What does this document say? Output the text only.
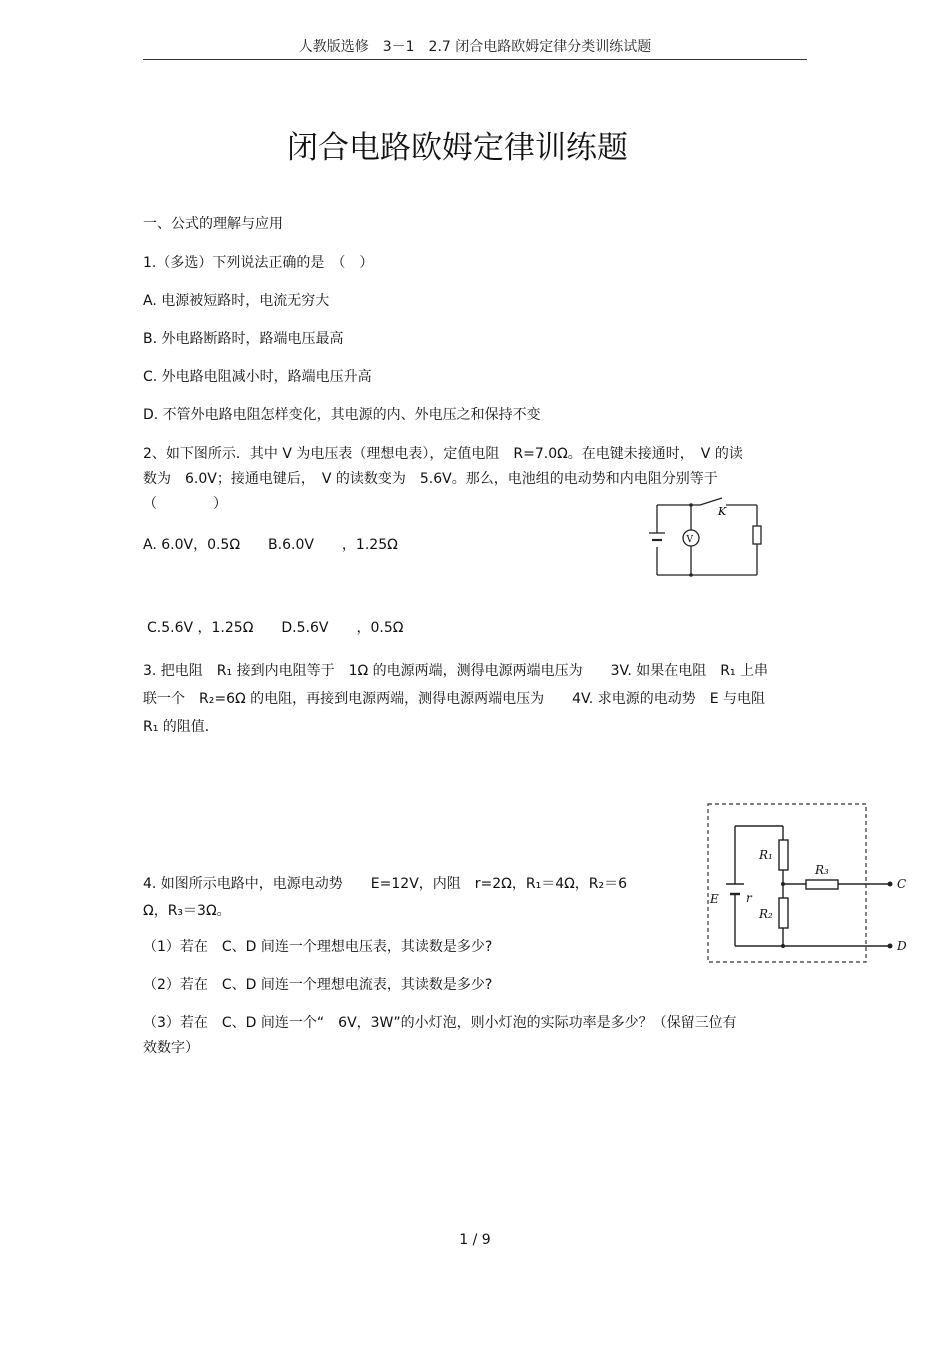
人教版选修　3－1　2.7 闭合电路欧姆定律分类训练试题
闭合电路欧姆定律训练题
一、公式的理解与应用
1.（多选）下列说法正确的是　（　）
A. 电源被短路时，电流无穷大
B. 外电路断路时，路端电压最高
C. 外电路电阻减小时，路端电压升高
D. 不管外电路电阻怎样变化，其电源的内、外电压之和保持不变
2、如下图所示．其中 V 为电压表（理想电表），定值电阻　R=7.0Ω。在电键未接通时，　V 的读
数为　6.0V；接通电键后，　V 的读数变为　5.6V。那么，电池组的电动势和内电阻分别等于
（　　　　）
A. 6.0V，0.5Ω　　B.6.0V　　，1.25Ω
C.5.6V ，1.25Ω　　D.5.6V　　，0.5Ω
V
K
3. 把电阻　R₁ 接到内电阻等于　1Ω 的电源两端，测得电源两端电压为　　3V. 如果在电阻　R₁ 上串
联一个　R₂=6Ω 的电阻，再接到电源两端，测得电源两端电压为　　4V. 求电源的电动势　E 与电阻
R₁ 的阻值．
4. 如图所示电路中，电源电动势　　E=12V，内阻　r=2Ω，R₁＝4Ω，R₂＝6
Ω，R₃＝3Ω。
（1）若在　C、D 间连一个理想电压表，其读数是多少?
（2）若在　C、D 间连一个理想电流表，其读数是多少?
（3）若在　C、D 间连一个“　6V，3W”的小灯泡，则小灯泡的实际功率是多少？（保留三位有
效数字）
R₁
R₂
R₃
E r
C
D
1 / 9
